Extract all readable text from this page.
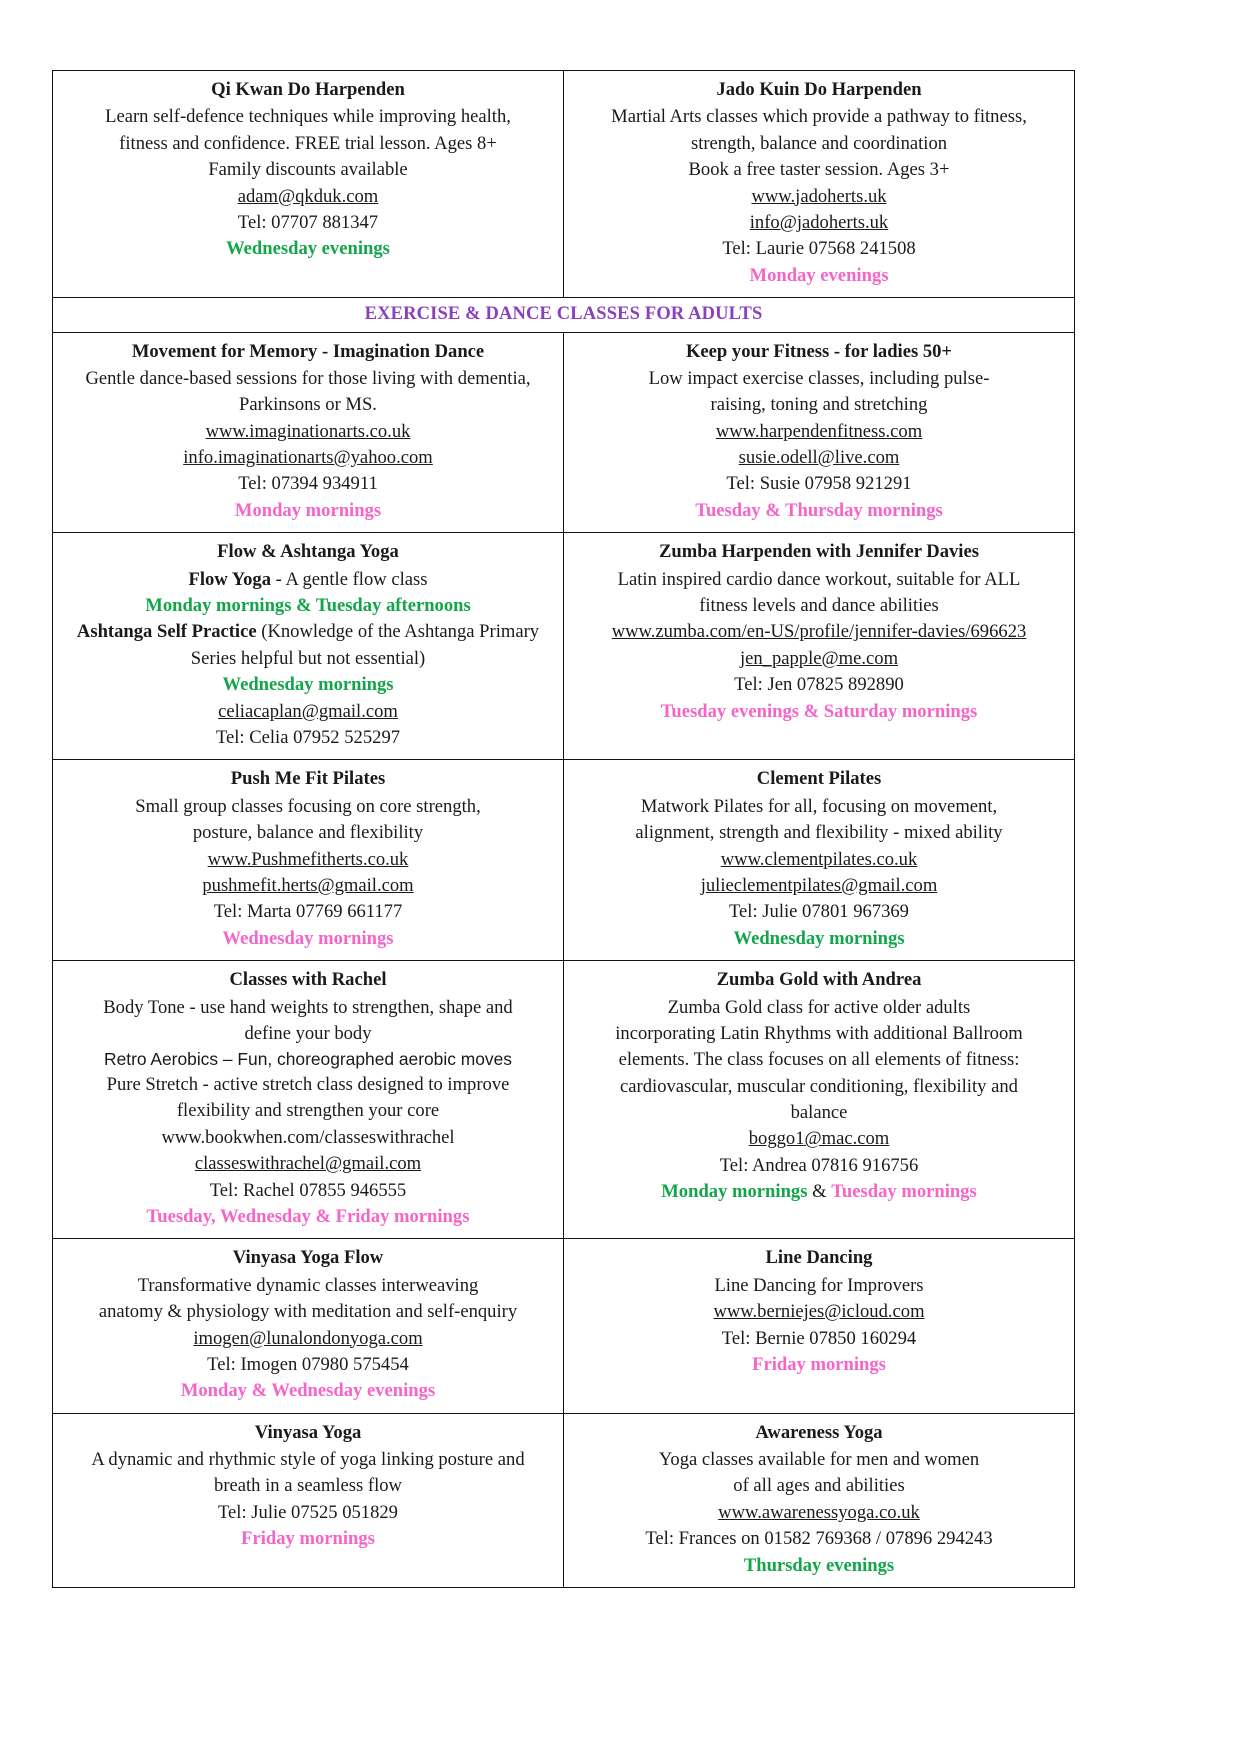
Qi Kwan Do Harpenden
Learn self-defence techniques while improving health,
fitness and confidence. FREE trial lesson. Ages 8+
Family discounts available
adam@qkduk.com
Tel: 07707 881347
Wednesday evenings

Jado Kuin Do Harpenden
Martial Arts classes which provide a pathway to fitness,
strength, balance and coordination
Book a free taster session. Ages 3+
www.jadoherts.uk
info@jadoherts.uk
Tel: Laurie 07568 241508
Monday evenings

EXERCISE & DANCE CLASSES FOR ADULTS	

Movement for Memory - Imagination Dance
Gentle dance-based sessions for those living with dementia,
Parkinsons or MS.
www.imaginationarts.co.uk
info.imaginationarts@yahoo.com
Tel: 07394 934911
Monday mornings

Keep your Fitness - for ladies 50+
Low impact exercise classes, including pulse-
raising, toning and stretching
www.harpendenfitness.com
susie.odell@live.com
Tel: Susie 07958 921291
Tuesday & Thursday mornings

Flow & Ashtanga Yoga
Flow Yoga - A gentle flow class
Monday mornings & Tuesday afternoons
Ashtanga Self Practice (Knowledge of the Ashtanga Primary
Series helpful but not essential)
Wednesday mornings
celiacaplan@gmail.com
Tel: Celia 07952 525297

Zumba Harpenden with Jennifer Davies
Latin inspired cardio dance workout, suitable for ALL
fitness levels and dance abilities
www.zumba.com/en-US/profile/jennifer-davies/696623
jen_papple@me.com
Tel: Jen 07825 892890
Tuesday evenings & Saturday mornings

Push Me Fit Pilates
Small group classes focusing on core strength,
posture, balance and flexibility
www.Pushmefitherts.co.uk
pushmefit.herts@gmail.com
Tel: Marta 07769 661177
Wednesday mornings

Clement Pilates
Matwork Pilates for all, focusing on movement,
alignment, strength and flexibility - mixed ability
www.clementpilates.co.uk
julieclementpilates@gmail.com
Tel: Julie 07801 967369
Wednesday mornings

Classes with Rachel
Body Tone - use hand weights to strengthen, shape and
define your body
Retro Aerobics – Fun, choreographed aerobic moves
Pure Stretch - active stretch class designed to improve
flexibility and strengthen your core
www.bookwhen.com/classeswithrachel
classeswithrachel@gmail.com
Tel: Rachel 07855 946555
Tuesday, Wednesday & Friday mornings

Zumba Gold with Andrea
Zumba Gold class for active older adults
incorporating Latin Rhythms with additional Ballroom
elements. The class focuses on all elements of fitness:
cardiovascular, muscular conditioning, flexibility and
balance
boggo1@mac.com
Tel: Andrea 07816 916756
Monday mornings & Tuesday mornings

Vinyasa Yoga Flow
Transformative dynamic classes interweaving
anatomy & physiology with meditation and self-enquiry
imogen@lunalondonyoga.com
Tel: Imogen 07980 575454
Monday & Wednesday evenings

Line Dancing
Line Dancing for Improvers
www.berniejes@icloud.com
Tel: Bernie 07850 160294
Friday mornings

Vinyasa Yoga
A dynamic and rhythmic style of yoga linking posture and
breath in a seamless flow
Tel: Julie 07525 051829
Friday mornings

Awareness Yoga
Yoga classes available for men and women
of all ages and abilities
www.awarenessyoga.co.uk
Tel: Frances on 01582 769368 / 07896 294243
Thursday evenings
